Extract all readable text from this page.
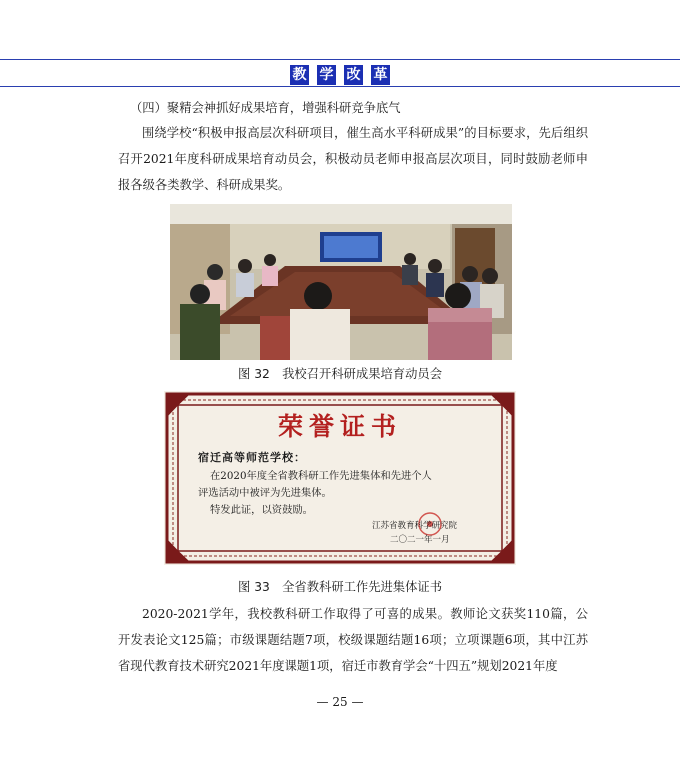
教 学 改 革
（四）聚精会神抓好成果培育，增强科研竞争底气
围绕学校“积极申报高层次科研项目，催生高水平科研成果”的目标要求，先后组织召开2021年度科研成果培育动员会，积极动员老师申报高层次项目，同时鼓励老师申报各级各类教学、科研成果奖。
图 32　我校召开科研成果培育动员会
荣誉证书
宿迁高等师范学校：
在2020年度全省教科研工作先进集体和先进个人
评选活动中被评为先进集体。
特发此证，以资鼓励。
江苏省教育科学研究院
二〇二一年一月
图 33　全省教科研工作先进集体证书
2020-2021学年，我校教科研工作取得了可喜的成果。教师论文获奖110篇，公开发表论文125篇；市级课题结题7项，校级课题结题16项；立项课题6项，其中江苏省现代教育技术研究2021年度课题1项，宿迁市教育学会“十四五”规划2021年度
— 25 —
